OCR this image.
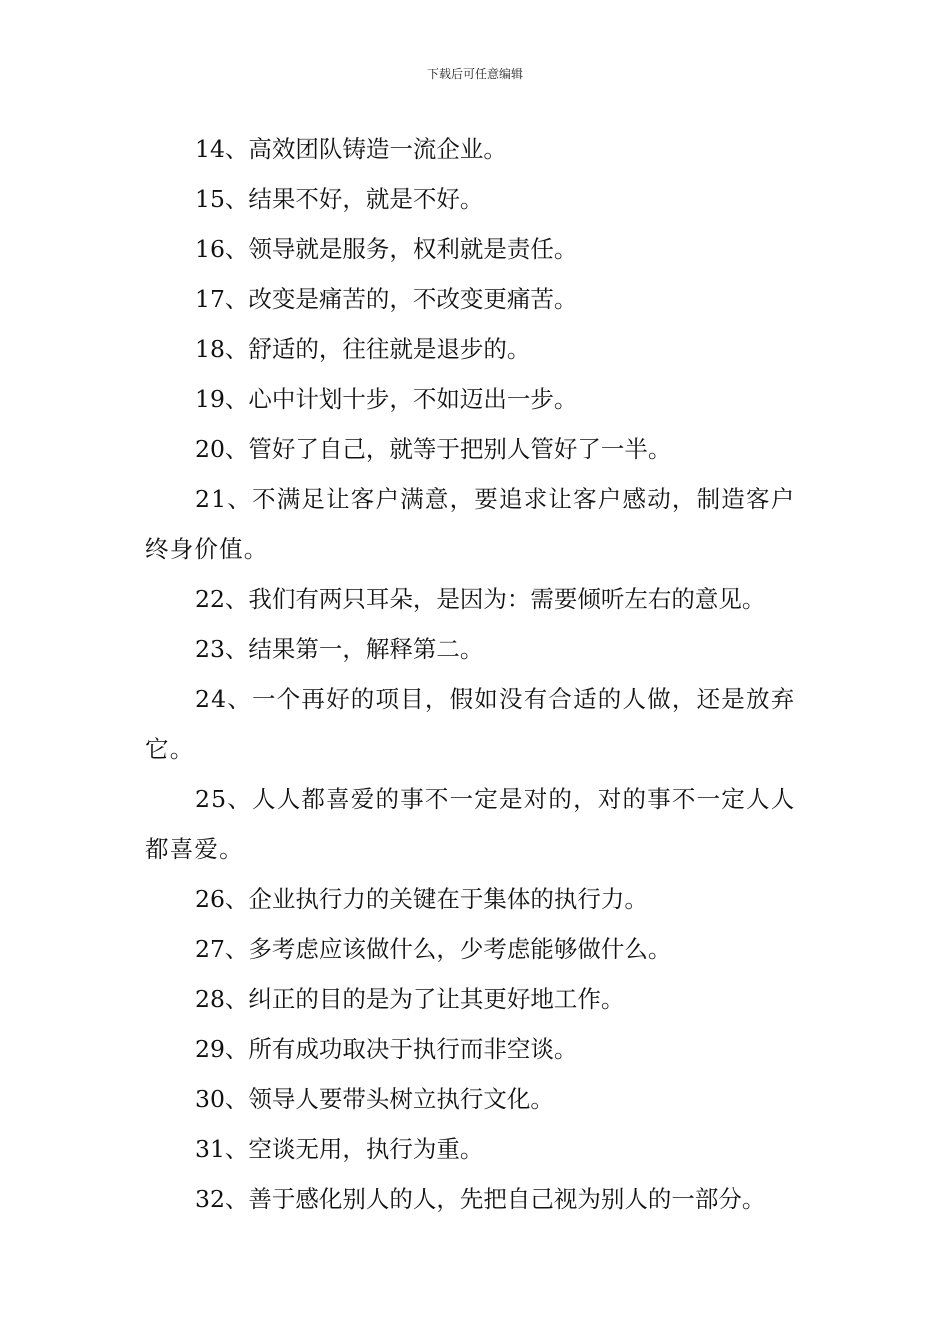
下载后可任意编辑

14、高效团队铸造一流企业。

15、结果不好，就是不好。

16、领导就是服务，权利就是责任。

17、改变是痛苦的，不改变更痛苦。

18、舒适的，往往就是退步的。

19、心中计划十步，不如迈出一步。

20、管好了自己，就等于把别人管好了一半。

21、不满足让客户满意，要追求让客户感动，制造客户终身价值。

22、我们有两只耳朵，是因为：需要倾听左右的意见。

23、结果第一，解释第二。

24、一个再好的项目，假如没有合适的人做，还是放弃它。

25、人人都喜爱的事不一定是对的，对的事不一定人人都喜爱。

26、企业执行力的关键在于集体的执行力。

27、多考虑应该做什么，少考虑能够做什么。

28、纠正的目的是为了让其更好地工作。

29、所有成功取决于执行而非空谈。

30、领导人要带头树立执行文化。

31、空谈无用，执行为重。

32、善于感化别人的人，先把自己视为别人的一部分。
